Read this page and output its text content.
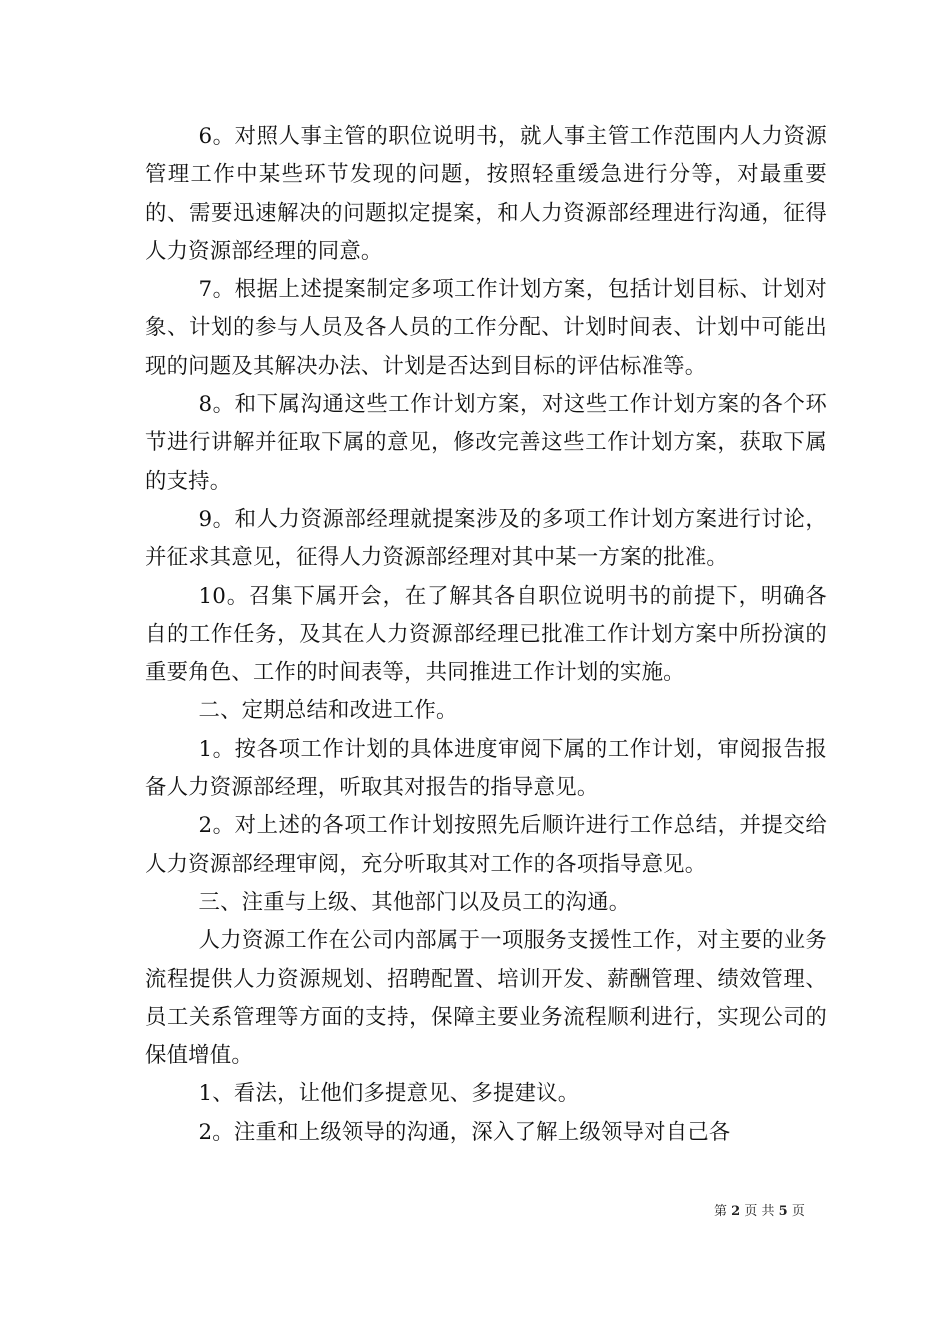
6。对照人事主管的职位说明书，就人事主管工作范围内人力资源管理工作中某些环节发现的问题，按照轻重缓急进行分等，对最重要的、需要迅速解决的问题拟定提案，和人力资源部经理进行沟通，征得人力资源部经理的同意。

7。根据上述提案制定多项工作计划方案，包括计划目标、计划对象、计划的参与人员及各人员的工作分配、计划时间表、计划中可能出现的问题及其解决办法、计划是否达到目标的评估标准等。

8。和下属沟通这些工作计划方案，对这些工作计划方案的各个环节进行讲解并征取下属的意见，修改完善这些工作计划方案，获取下属的支持。

9。和人力资源部经理就提案涉及的多项工作计划方案进行讨论，并征求其意见，征得人力资源部经理对其中某一方案的批准。

10。召集下属开会，在了解其各自职位说明书的前提下，明确各自的工作任务，及其在人力资源部经理已批准工作计划方案中所扮演的重要角色、工作的时间表等，共同推进工作计划的实施。

二、定期总结和改进工作。

1。按各项工作计划的具体进度审阅下属的工作计划，审阅报告报备人力资源部经理，听取其对报告的指导意见。

2。对上述的各项工作计划按照先后顺许进行工作总结，并提交给人力资源部经理审阅，充分听取其对工作的各项指导意见。

三、注重与上级、其他部门以及员工的沟通。

人力资源工作在公司内部属于一项服务支援性工作，对主要的业务流程提供人力资源规划、招聘配置、培训开发、薪酬管理、绩效管理、员工关系管理等方面的支持，保障主要业务流程顺利进行，实现公司的保值增值。

1、看法，让他们多提意见、多提建议。

2。注重和上级领导的沟通，深入了解上级领导对自己各

第 2 页 共 5 页
